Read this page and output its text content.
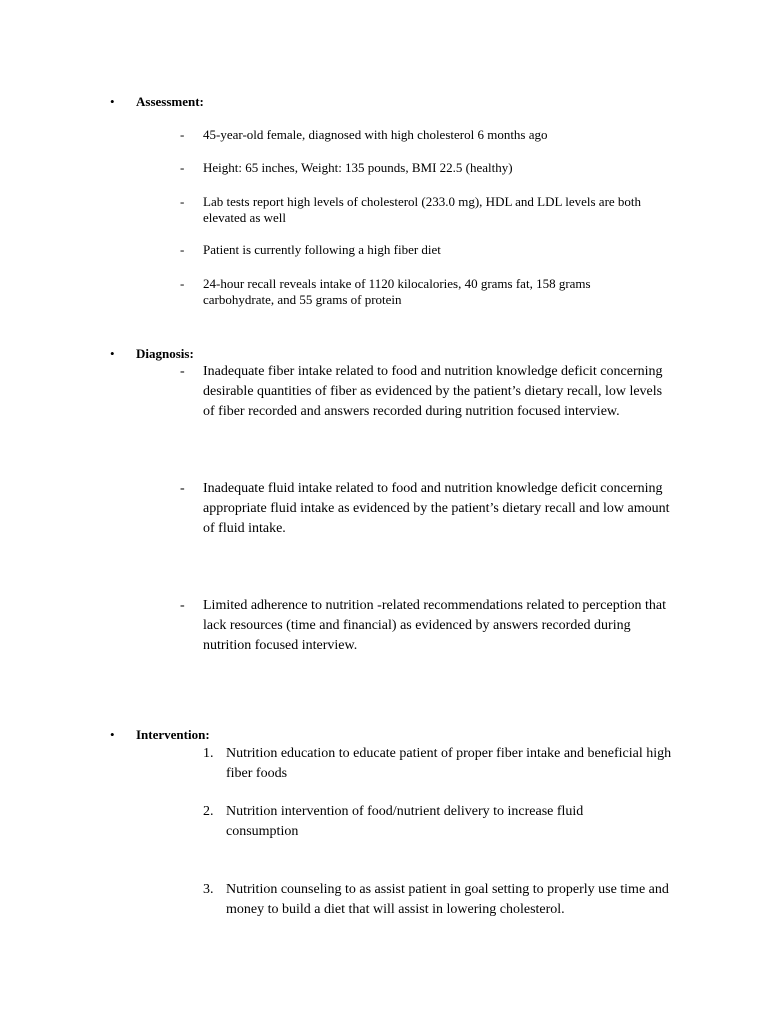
• Assessment:
- 45-year-old female, diagnosed with high cholesterol 6 months ago
- Height: 65 inches, Weight: 135 pounds, BMI 22.5 (healthy)
- Lab tests report high levels of cholesterol (233.0 mg), HDL and LDL levels are both elevated as well
- Patient is currently following a high fiber diet
- 24-hour recall reveals intake of 1120 kilocalories, 40 grams fat, 158 grams carbohydrate, and 55 grams of protein
• Diagnosis:
- Inadequate fiber intake related to food and nutrition knowledge deficit concerning desirable quantities of fiber as evidenced by the patient’s dietary recall, low levels of fiber recorded and answers recorded during nutrition focused interview.
- Inadequate fluid intake related to food and nutrition knowledge deficit concerning appropriate fluid intake as evidenced by the patient’s dietary recall and low amount of fluid intake.
- Limited adherence to nutrition -related recommendations related to perception that lack resources (time and financial) as evidenced by answers recorded during nutrition focused interview.
• Intervention:
1. Nutrition education to educate patient of proper fiber intake and beneficial high fiber foods
2. Nutrition intervention of food/nutrient delivery to increase fluid consumption
3. Nutrition counseling to as assist patient in goal setting to properly use time and money to build a diet that will assist in lowering cholesterol.
